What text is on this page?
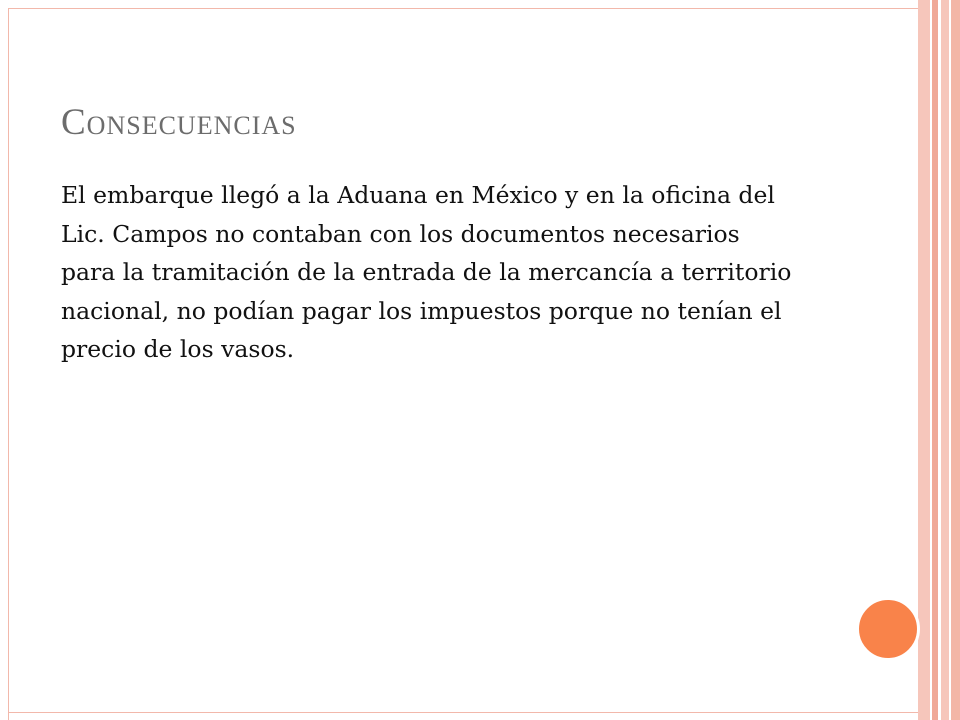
Consecuencias

El embarque llegó a la Aduana en México y en la oficina del Lic. Campos no contaban con los documentos necesarios para la tramitación de la entrada de la mercancía a territorio nacional, no podían pagar los impuestos porque no tenían el precio de los vasos.
